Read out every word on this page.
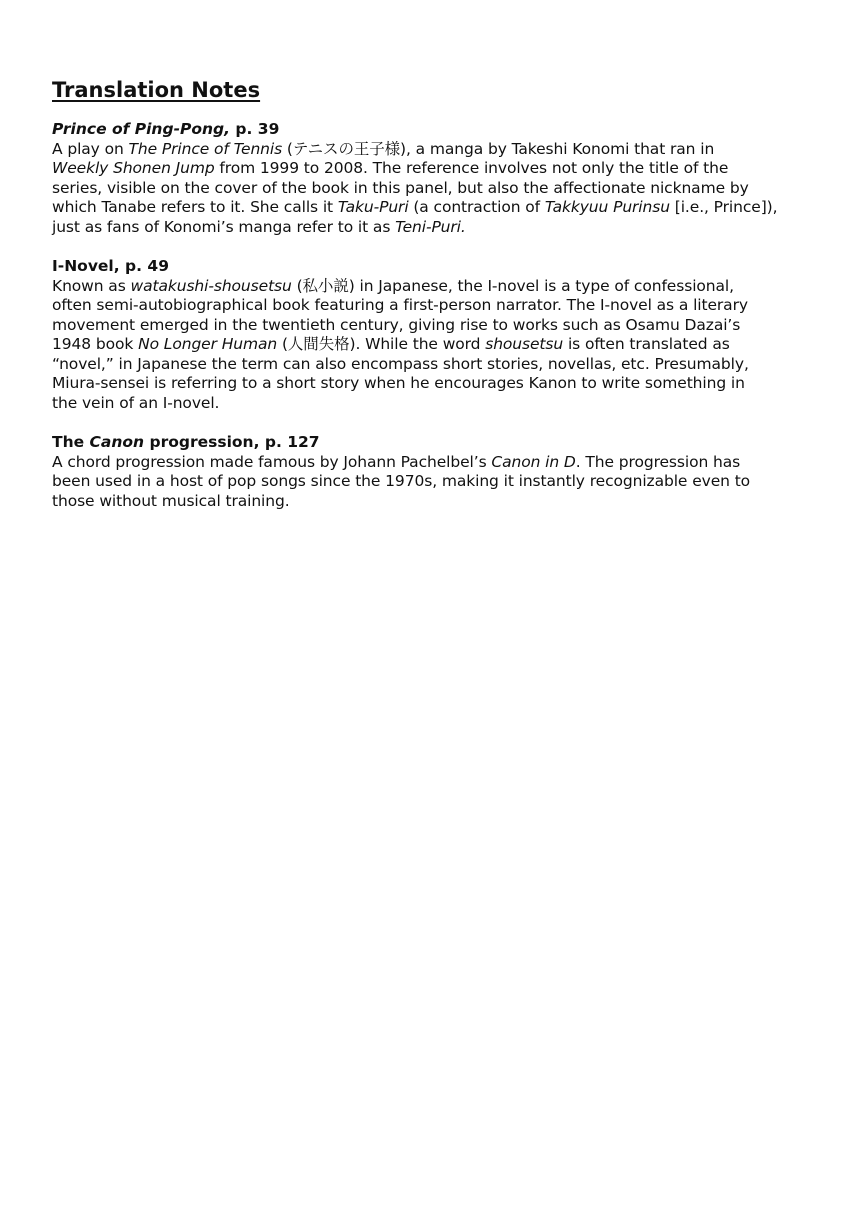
Translation Notes

Prince of Ping-Pong, p. 39

A play on The Prince of Tennis (テニスの王子様), a manga by Takeshi Konomi that ran in
Weekly Shonen Jump from 1999 to 2008. The reference involves not only the title of the
series, visible on the cover of the book in this panel, but also the affectionate nickname by
which Tanabe refers to it. She calls it Taku-Puri (a contraction of Takkyuu Purinsu [i.e., Prince]),
just as fans of Konomi’s manga refer to it as Teni-Puri.

I-Novel, p. 49

Known as watakushi-shousetsu (私小説) in Japanese, the I-novel is a type of confessional,
often semi-autobiographical book featuring a first-person narrator. The I-novel as a literary
movement emerged in the twentieth century, giving rise to works such as Osamu Dazai’s
1948 book No Longer Human (人間失格). While the word shousetsu is often translated as
“novel,” in Japanese the term can also encompass short stories, novellas, etc. Presumably,
Miura-sensei is referring to a short story when he encourages Kanon to write something in
the vein of an I-novel.

The Canon progression, p. 127

A chord progression made famous by Johann Pachelbel’s Canon in D. The progression has
been used in a host of pop songs since the 1970s, making it instantly recognizable even to
those without musical training.
